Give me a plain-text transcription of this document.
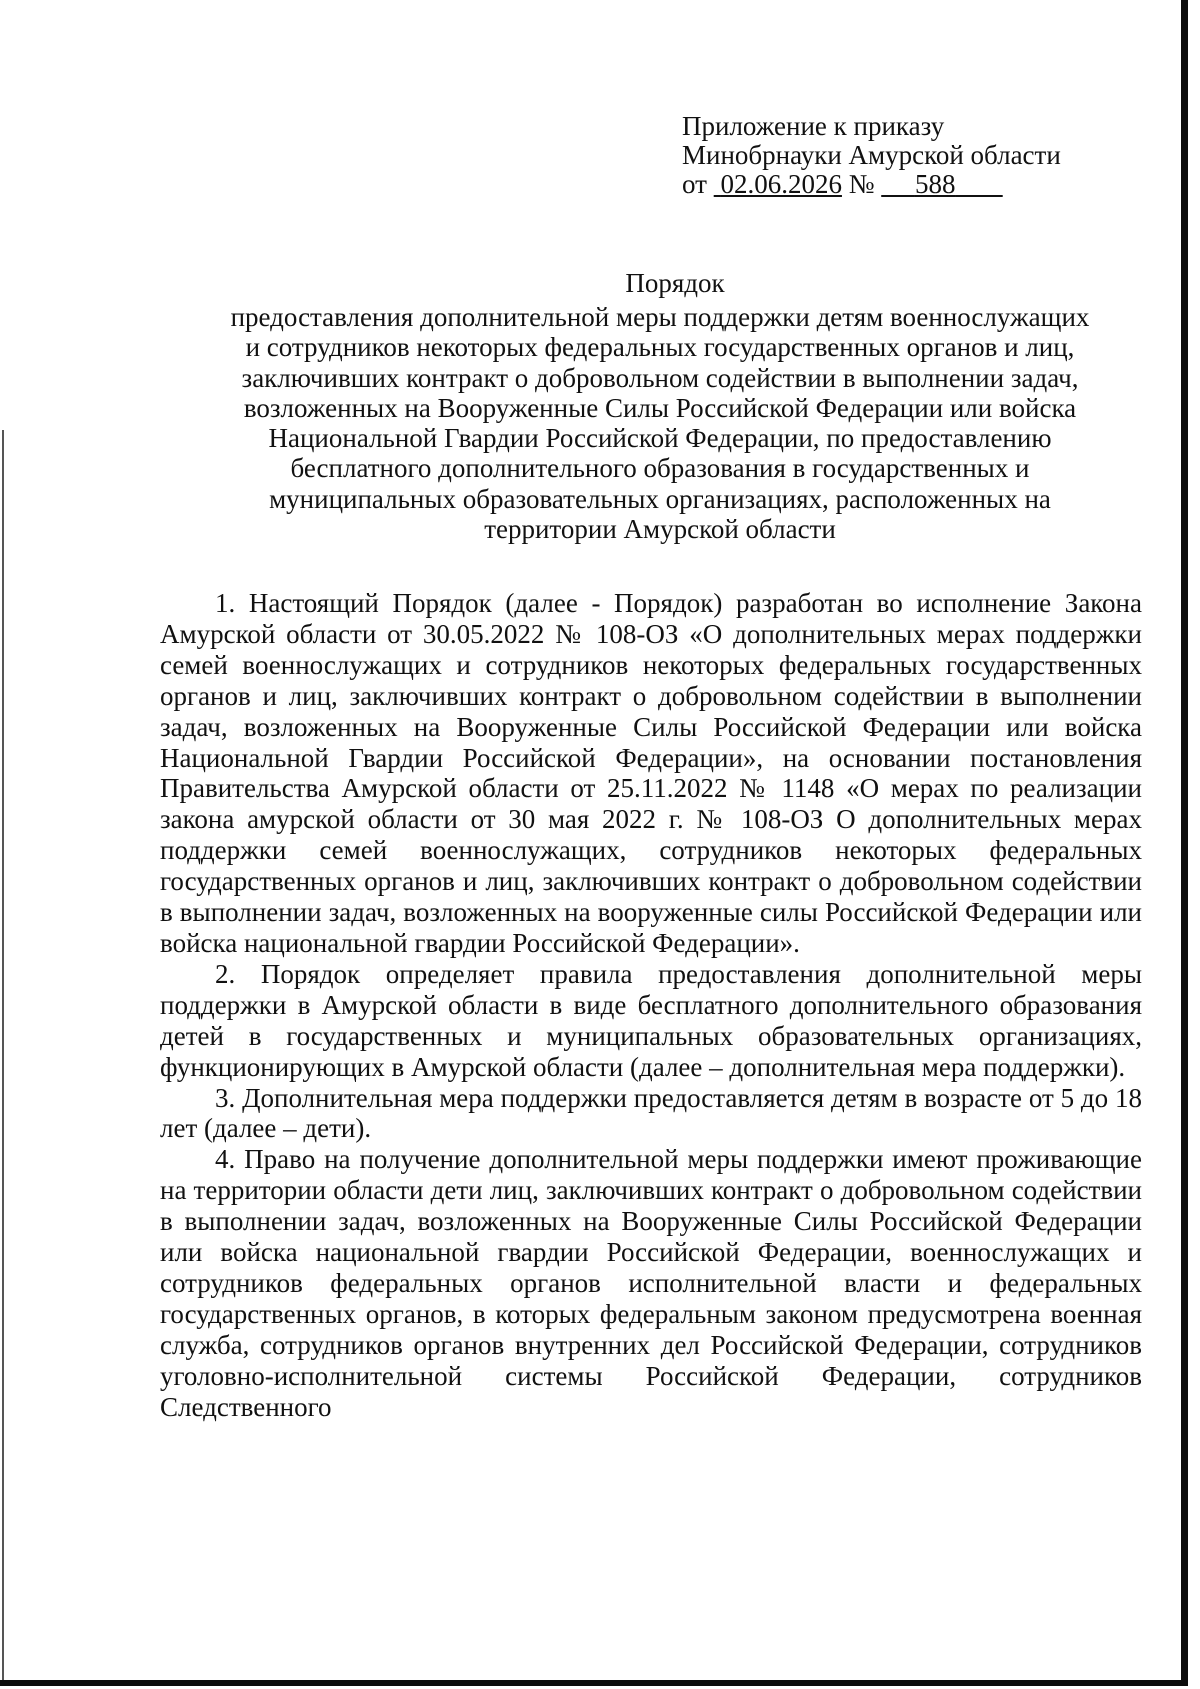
Приложение к приказу
Минобрнауки Амурской области
от  02.06.2026 №      588
Порядок
предоставления дополнительной меры поддержки детям военнослужащих
и сотрудников некоторых федеральных государственных органов и лиц,
заключивших контракт о добровольном содействии в выполнении задач,
возложенных на Вооруженные Силы Российской Федерации или войска
Национальной Гвардии Российской Федерации, по предоставлению
бесплатного дополнительного образования в государственных и
муниципальных образовательных организациях, расположенных на
территории Амурской области

1. Настоящий Порядок (далее - Порядок) разработан во исполнение Закона Амурской области от 30.05.2022 № 108-ОЗ «О дополнительных мерах поддержки семей военнослужащих и сотрудников некоторых федеральных государственных органов и лиц, заключивших контракт о добровольном содействии в выполнении задач, возложенных на Вооруженные Силы Российской Федерации или войска Национальной Гвардии Российской Федерации», на основании постановления Правительства Амурской области от 25.11.2022 № 1148 «О мерах по реализации закона амурской области от 30 мая 2022 г. № 108-ОЗ О дополнительных мерах поддержки семей военнослужащих, сотрудников некоторых федеральных государственных органов и лиц, заключивших контракт о добровольном содействии в выполнении задач, возложенных на вооруженные силы Российской Федерации или войска национальной гвардии Российской Федерации».

2. Порядок определяет правила предоставления дополнительной меры поддержки в Амурской области в виде бесплатного дополнительного образования детей в государственных и муниципальных образовательных организациях, функционирующих в Амурской области (далее – дополнительная мера поддержки).

3. Дополнительная мера поддержки предоставляется детям в возрасте от 5 до 18 лет (далее – дети).

4. Право на получение дополнительной меры поддержки имеют проживающие на территории области дети лиц, заключивших контракт о добровольном содействии в выполнении задач, возложенных на Вооруженные Силы Российской Федерации или войска национальной гвардии Российской Федерации, военнослужащих и сотрудников федеральных органов исполнительной власти и федеральных государственных органов, в которых федеральным законом предусмотрена военная служба, сотрудников органов внутренних дел Российской Федерации, сотрудников уголовно-исполнительной системы Российской Федерации, сотрудников Следственного
